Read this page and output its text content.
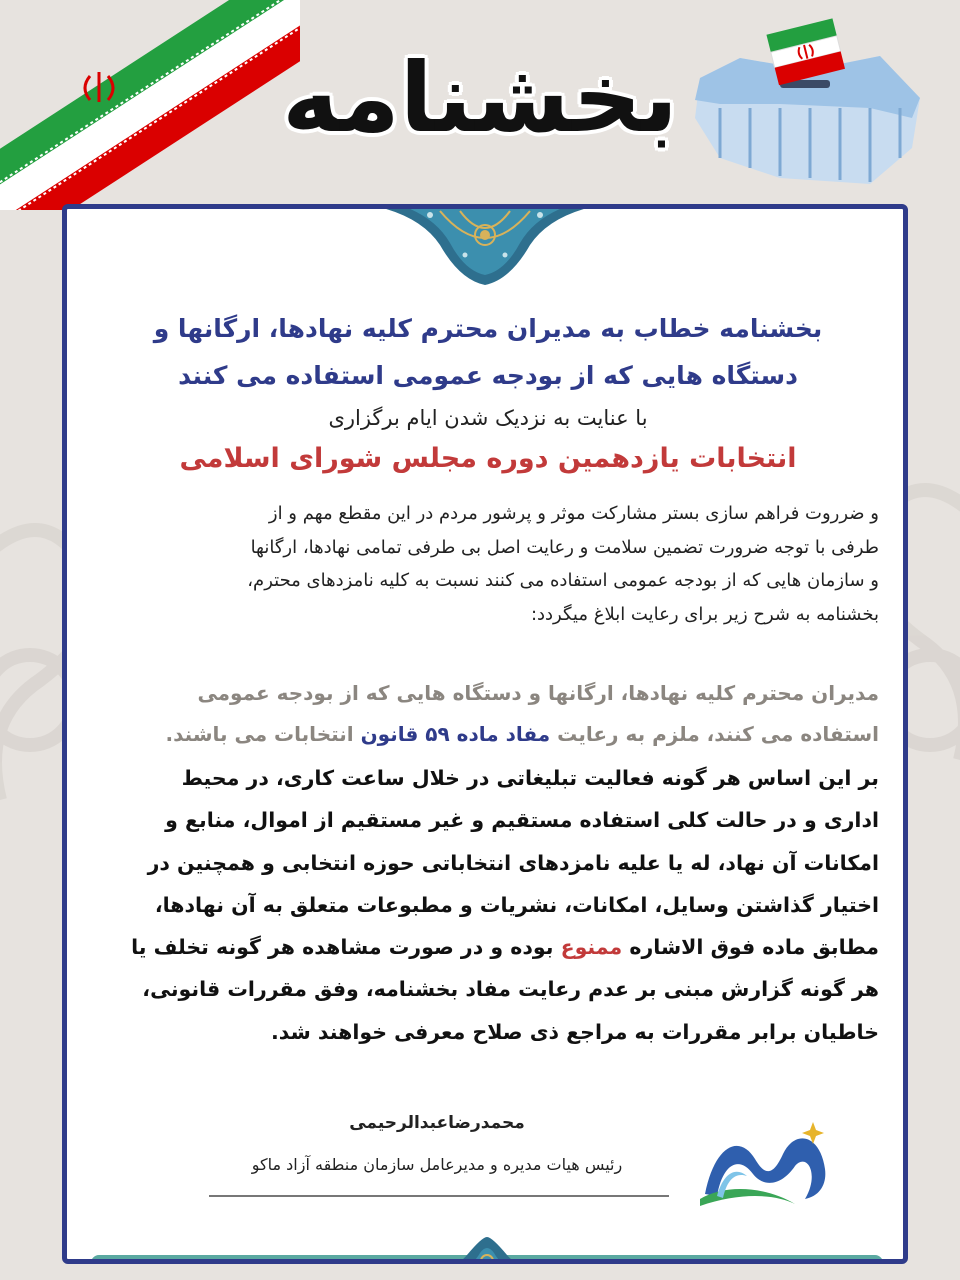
بخشنامه
بخشنامه خطاب به مدیران محترم کلیه نهادها، ارگانها و
دستگاه هایی که از بودجه عمومی استفاده می کنند
با عنایت به نزدیک شدن ایام برگزاری
انتخابات یازدهمین دوره مجلس شورای اسلامی
و ضرروت فراهم سازی بستر مشارکت موثر و پرشور مردم در این مقطع مهم و از
طرفی با توجه ضرورت تضمین سلامت و رعایت اصل بی طرفی تمامی نهادها، ارگانها
و سازمان هایی که از بودجه عمومی استفاده می کنند نسبت به کلیه نامزدهای محترم،
بخشنامه به شرح زیر برای رعایت ابلاغ میگردد:
مدیران محترم کلیه نهادها، ارگانها و دستگاه هایی که از بودجه عمومی
استفاده می کنند، ملزم به رعایت مفاد ماده ۵۹ قانون انتخابات می باشند.
بر این اساس هر گونه فعالیت تبلیغاتی در خلال ساعت کاری، در محیط
اداری و در حالت کلی استفاده مستقیم و غیر مستقیم از اموال، منابع و
امکانات آن نهاد، له یا علیه نامزدهای انتخاباتی حوزه انتخابی و همچنین در
اختیار گذاشتن وسایل، امکانات، نشریات و مطبوعات متعلق به آن نهادها،
مطابق ماده فوق الاشاره ممنوع بوده و در صورت مشاهده هر گونه تخلف یا
هر گونه گزارش مبنی بر عدم رعایت مفاد بخشنامه، وفق مقررات قانونی،
خاطیان برابر مقررات به مراجع ذی صلاح معرفی خواهند شد.
محمدرضاعبدالرحیمی
رئیس هیات مدیره و مدیرعامل سازمان منطقه آزاد ماکو
